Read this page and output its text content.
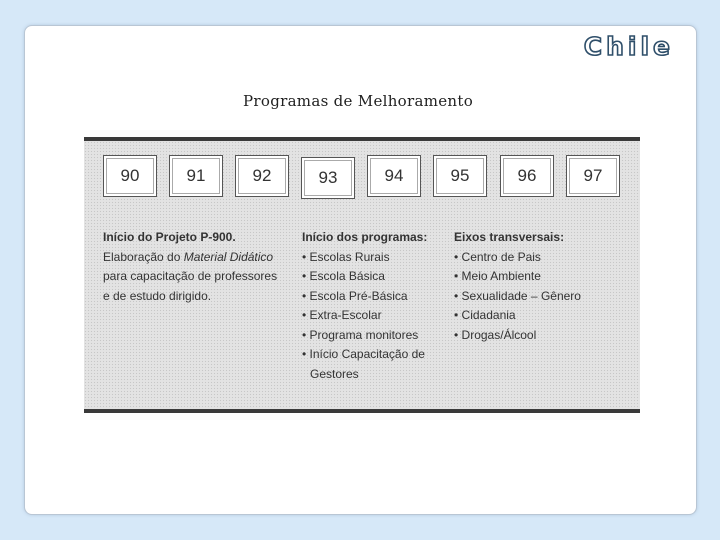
Chile
Programas de Melhoramento
90	91	92	93	94	95	96	97
Início do Projeto P-900.
Elaboração do Material Didático para capacitação de professores e de estudo dirigido.
Início dos programas:
• Escolas Rurais
• Escola Básica
• Escola Pré-Básica
• Extra-Escolar
• Programa monitores
• Início Capacitação de Gestores
Eixos transversais:
• Centro de Pais
• Meio Ambiente
• Sexualidade – Gênero
• Cidadania
• Drogas/Álcool
